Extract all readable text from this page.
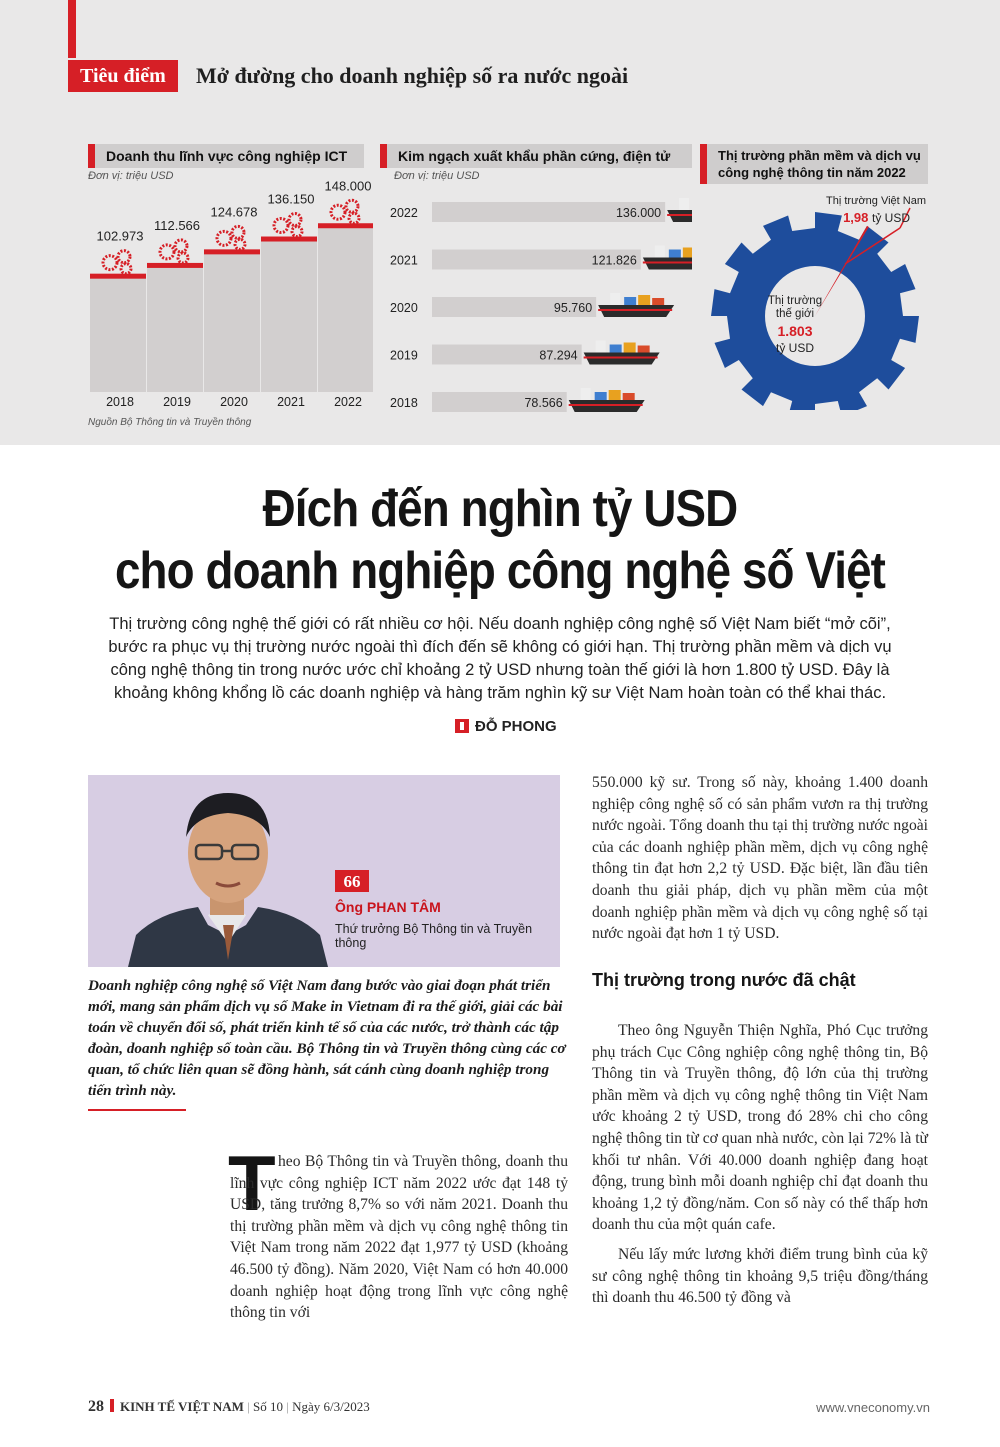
Tiêu điểm	Mở đường cho doanh nghiệp số ra nước ngoài
Doanh thu lĩnh vực công nghiệp ICT
Đơn vị: triệu USD
102.973
2018
112.566
2019
124.678
2020
136.150
2021
148.000
2022
Nguồn Bộ Thông tin và Truyền thông
Kim ngạch xuất khẩu phần cứng, điện tử
Đơn vị: triệu USD
2022	136.000
2021	121.826
2020	95.760
2019	87.294
2018	78.566
Thị trường phần mềm và dịch vụ công nghệ thông tin năm 2022
Thị trường Việt Nam
1,98 tỷ USD
Thị trường
thế giới
1.803
tỷ USD
Đích đến nghìn tỷ USD
cho doanh nghiệp công nghệ số Việt
Thị trường công nghệ thế giới có rất nhiều cơ hội. Nếu doanh nghiệp công nghệ số Việt Nam biết “mở cõi”, bước ra phục vụ thị trường nước ngoài thì đích đến sẽ không có giới hạn. Thị trường phần mềm và dịch vụ công nghệ thông tin trong nước ước chỉ khoảng 2 tỷ USD nhưng toàn thế giới là hơn 1.800 tỷ USD. Đây là khoảng không khổng lồ các doanh nghiệp và hàng trăm nghìn kỹ sư Việt Nam hoàn toàn có thể khai thác.
ĐỖ PHONG
66
Ông PHAN TÂM
Thứ trưởng Bộ Thông tin và Truyền thông
Doanh nghiệp công nghệ số Việt Nam đang bước vào giai đoạn phát triển mới, mang sản phẩm dịch vụ số Make in Vietnam đi ra thế giới, giải các bài toán về chuyển đổi số, phát triển kinh tế số của các nước, trở thành các tập đoàn, doanh nghiệp số toàn cầu. Bộ Thông tin và Truyền thông cùng các cơ quan, tổ chức liên quan sẽ đồng hành, sát cánh cùng doanh nghiệp trong tiến trình này.
T heo Bộ Thông tin và Truyền thông, doanh thu lĩnh vực công nghiệp ICT năm 2022 ước đạt 148 tỷ USD, tăng trưởng 8,7% so với năm 2021. Doanh thu thị trường phần mềm và dịch vụ công nghệ thông tin Việt Nam trong năm 2022 đạt 1,977 tỷ USD (khoảng 46.500 tỷ đồng). Năm 2020, Việt Nam có hơn 40.000 doanh nghiệp hoạt động trong lĩnh vực công nghệ thông tin với

550.000 kỹ sư. Trong số này, khoảng 1.400 doanh nghiệp công nghệ số có sản phẩm vươn ra thị trường nước ngoài. Tổng doanh thu tại thị trường nước ngoài của các doanh nghiệp phần mềm, dịch vụ công nghệ thông tin đạt hơn 2,2 tỷ USD. Đặc biệt, lần đầu tiên doanh thu giải pháp, dịch vụ phần mềm của một doanh nghiệp phần mềm và dịch vụ công nghệ số tại nước ngoài đạt hơn 1 tỷ USD.

Thị trường trong nước đã chật

Theo ông Nguyễn Thiện Nghĩa, Phó Cục trưởng phụ trách Cục Công nghiệp công nghệ thông tin, Bộ Thông tin và Truyền thông, độ lớn của thị trường phần mềm và dịch vụ công nghệ thông tin Việt Nam ước khoảng 2 tỷ USD, trong đó 28% chi cho công nghệ thông tin từ cơ quan nhà nước, còn lại 72% là từ khối tư nhân. Với 40.000 doanh nghiệp đang hoạt động, trung bình mỗi doanh nghiệp chỉ đạt doanh thu khoảng 1,2 tỷ đồng/năm. Con số này có thể thấp hơn doanh thu của một quán cafe.

Nếu lấy mức lương khởi điểm trung bình của kỹ sư công nghệ thông tin khoảng 9,5 triệu đồng/tháng thì doanh thu 46.500 tỷ đồng và

28 KINH TẾ VIỆT NAM | Số 10 | Ngày 6/3/2023	www.vneconomy.vn
